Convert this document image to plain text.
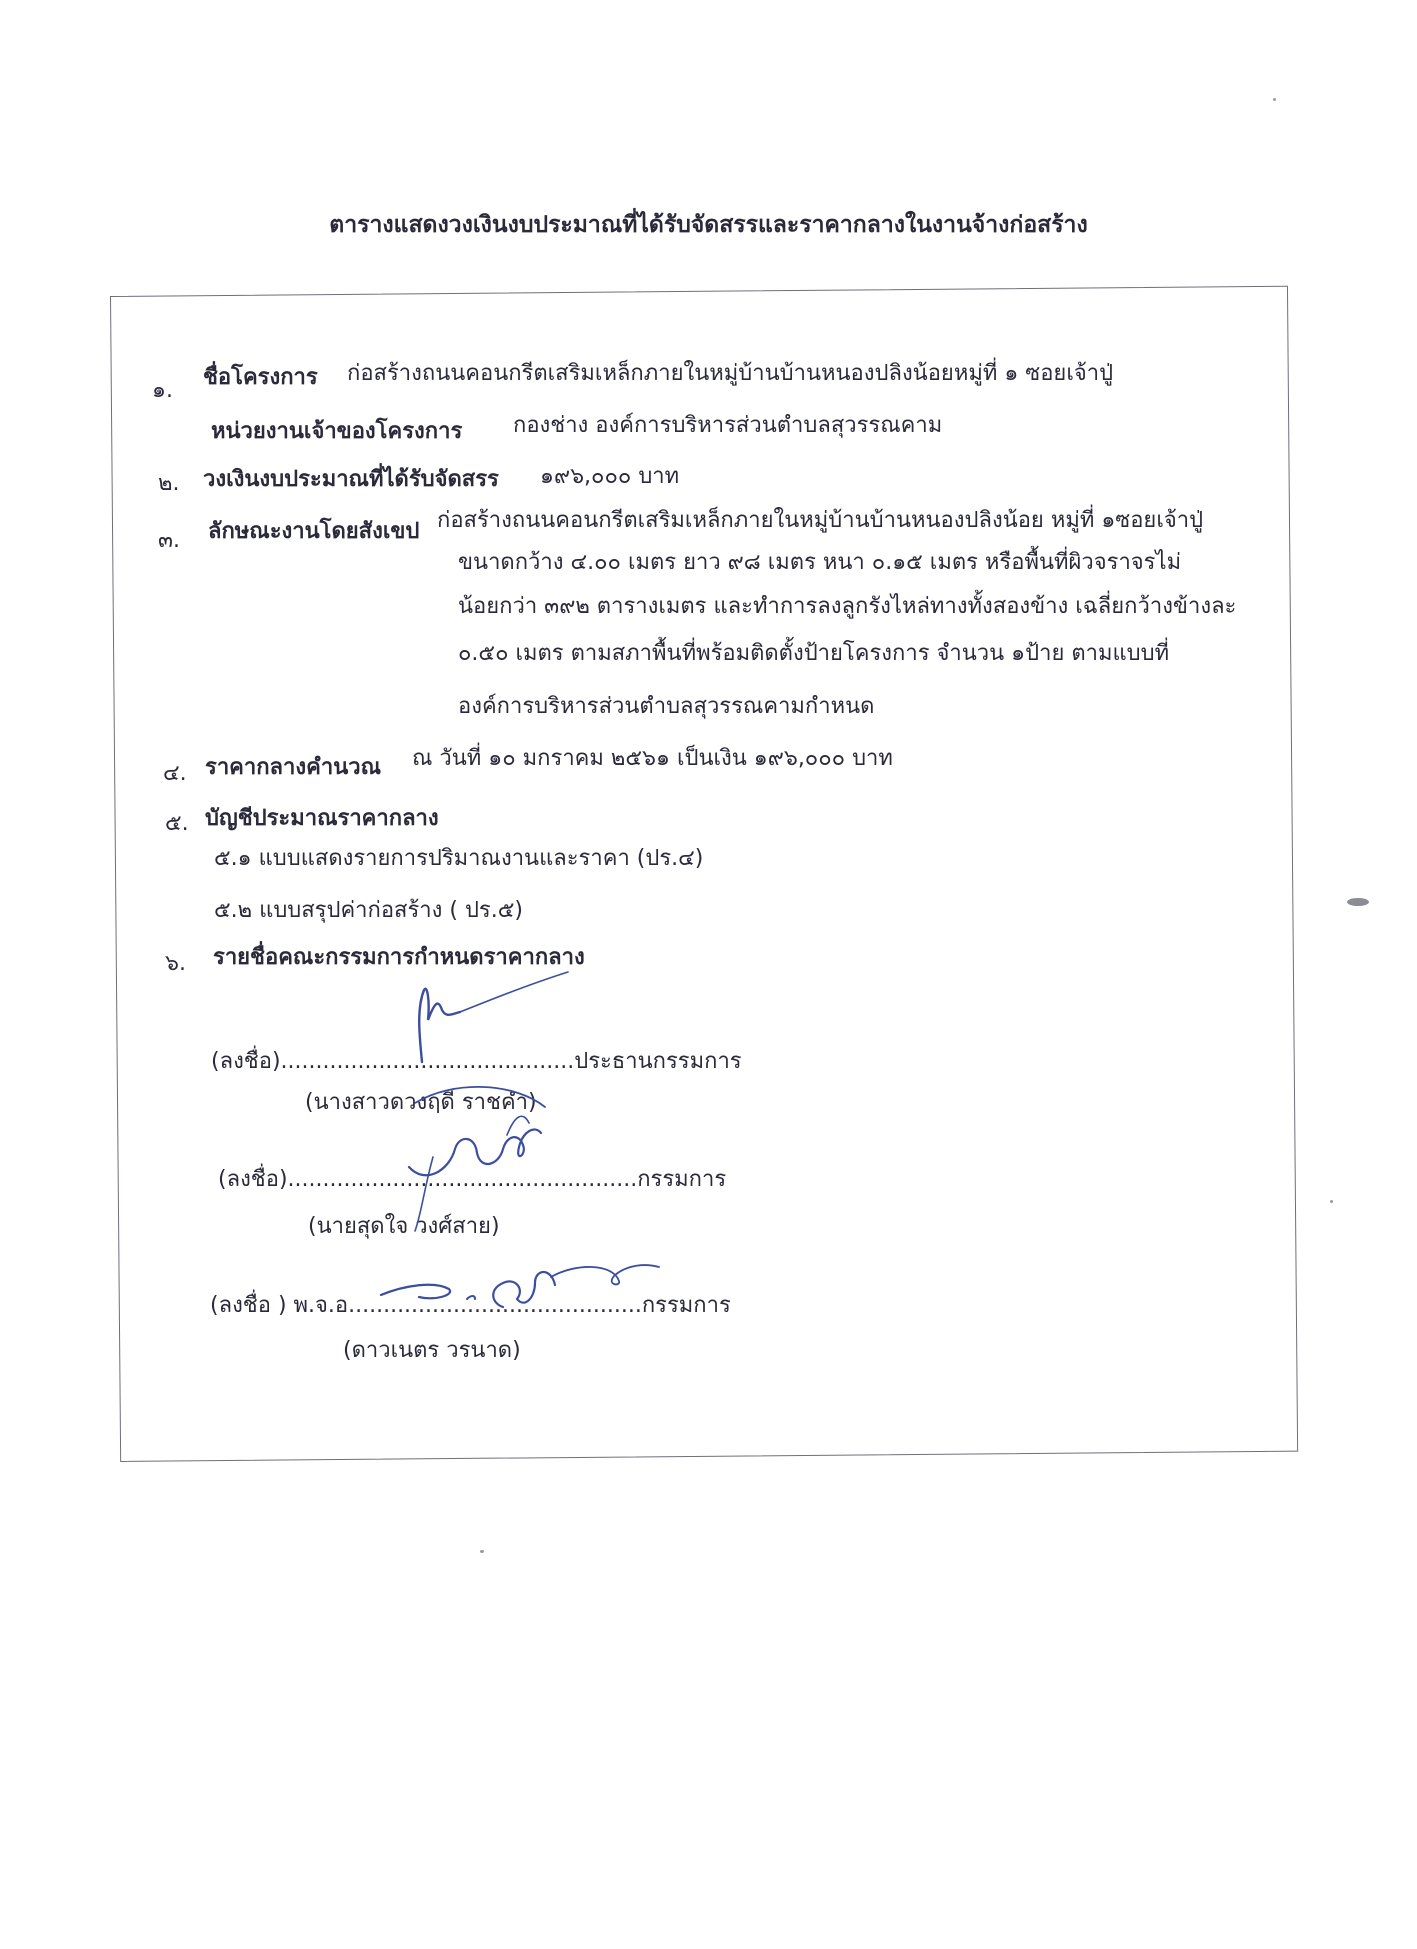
ตารางแสดงวงเงินงบประมาณที่ได้รับจัดสรรและราคากลางในงานจ้างก่อสร้าง
๑.
ชื่อโครงการ ก่อสร้างถนนคอนกรีตเสริมเหล็กภายในหมู่บ้านบ้านหนองปลิงน้อยหมู่ที่ ๑ ซอยเจ้าปู่
หน่วยงานเจ้าของโครงการ กองช่าง องค์การบริหารส่วนตำบลสุวรรณคาม
๒. วงเงินงบประมาณที่ได้รับจัดสรร ๑๙๖,๐๐๐ บาท
๓. ลักษณะงานโดยสังเขป ก่อสร้างถนนคอนกรีตเสริมเหล็กภายในหมู่บ้านบ้านหนองปลิงน้อย หมู่ที่ ๑ซอยเจ้าปู่
ขนาดกว้าง ๔.๐๐ เมตร ยาว ๙๘ เมตร หนา ๐.๑๕ เมตร หรือพื้นที่ผิวจราจรไม่
น้อยกว่า ๓๙๒ ตารางเมตร และทำการลงลูกรังไหล่ทางทั้งสองข้าง เฉลี่ยกว้างข้างละ
๐.๕๐ เมตร ตามสภาพื้นที่พร้อมติดตั้งป้ายโครงการ จำนวน ๑ป้าย ตามแบบที่
องค์การบริหารส่วนตำบลสุวรรณคามกำหนด
๔. ราคากลางคำนวณ ณ วันที่ ๑๐ มกราคม ๒๕๖๑ เป็นเงิน ๑๙๖,๐๐๐ บาท
๕. บัญชีประมาณราคากลาง
๕.๑ แบบแสดงรายการปริมาณงานและราคา (ปร.๔)
๕.๒ แบบสรุปค่าก่อสร้าง ( ปร.๕)
๖. รายชื่อคณะกรรมการกำหนดราคากลาง
(ลงชื่อ)..........................................ประธานกรรมการ
(นางสาวดวงฤดี ราชคำ)
(ลงชื่อ)..................................................กรรมการ
(นายสุดใจ วงศ์สาย)
(ลงชื่อ ) พ.จ.อ..........................................กรรมการ
(ดาวเนตร วรนาด)
